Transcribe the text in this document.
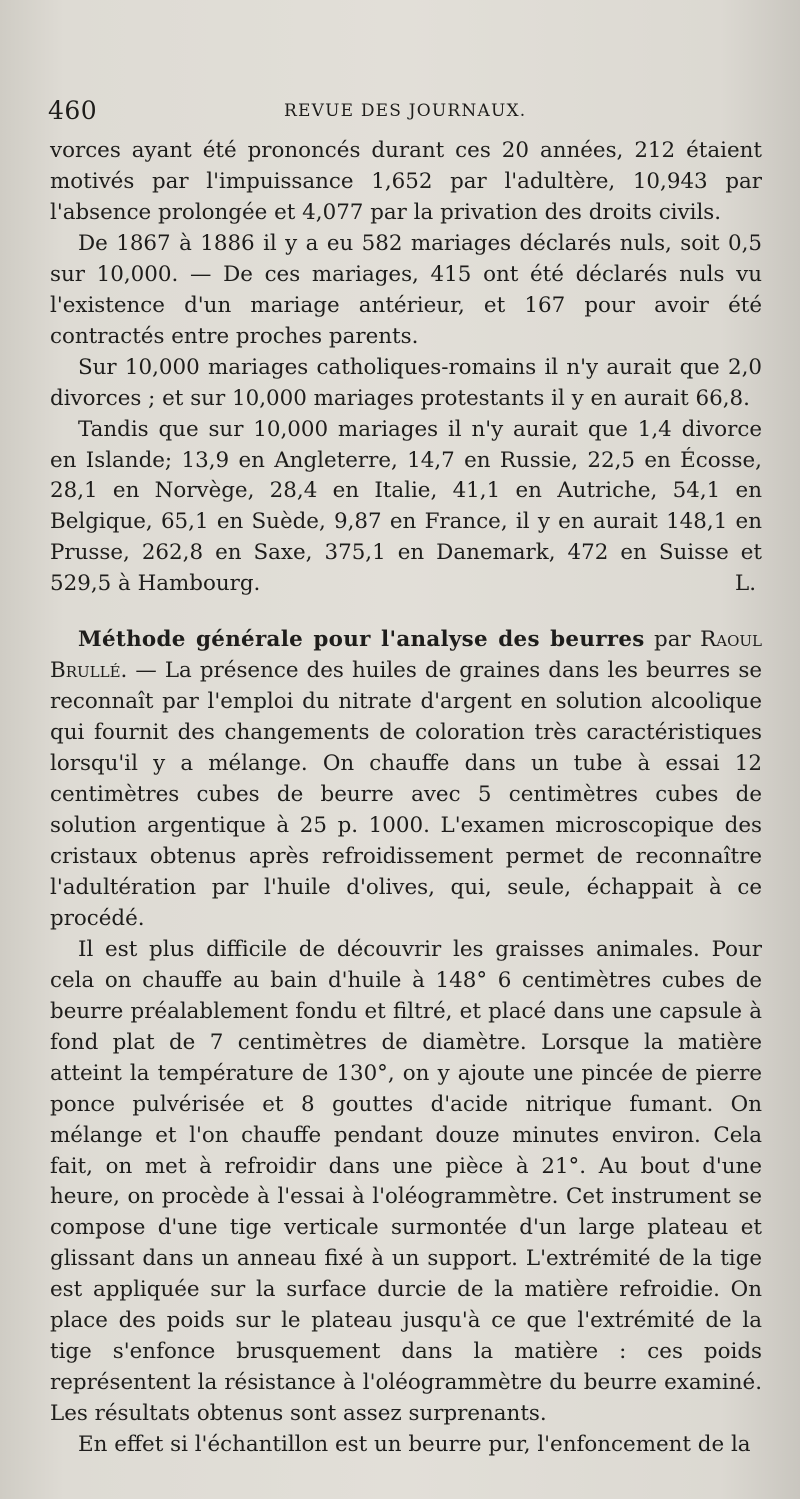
460	REVUE DES JOURNAUX.

vorces ayant été prononcés durant ces 20 années, 212 étaient motivés par l'impuissance 1,652 par l'adultère, 10,943 par l'absence prolongée et 4,077 par la privation des droits civils.

De 1867 à 1886 il y a eu 582 mariages déclarés nuls, soit 0,5 sur 10,000. — De ces mariages, 415 ont été déclarés nuls vu l'existence d'un mariage antérieur, et 167 pour avoir été contractés entre proches parents.

Sur 10,000 mariages catholiques-romains il n'y aurait que 2,0 divorces ; et sur 10,000 mariages protestants il y en aurait 66,8.

Tandis que sur 10,000 mariages il n'y aurait que 1,4 divorce en Islande; 13,9 en Angleterre, 14,7 en Russie, 22,5 en Écosse, 28,1 en Norvège, 28,4 en Italie, 41,1 en Autriche, 54,1 en Belgique, 65,1 en Suède, 9,87 en France, il y en aurait 148,1 en Prusse, 262,8 en Saxe, 375,1 en Danemark, 472 en Suisse et 529,5 à Hambourg.	L.

Méthode générale pour l'analyse des beurres par Raoul Brullé. — La présence des huiles de graines dans les beurres se reconnaît par l'emploi du nitrate d'argent en solution alcoolique qui fournit des changements de coloration très caractéristiques lorsqu'il y a mélange. On chauffe dans un tube à essai 12 centimètres cubes de beurre avec 5 centimètres cubes de solution argentique à 25 p. 1000. L'examen microscopique des cristaux obtenus après refroidissement permet de reconnaître l'adultération par l'huile d'olives, qui, seule, échappait à ce procédé.

Il est plus difficile de découvrir les graisses animales. Pour cela on chauffe au bain d'huile à 148° 6 centimètres cubes de beurre préalablement fondu et filtré, et placé dans une capsule à fond plat de 7 centimètres de diamètre. Lorsque la matière atteint la température de 130°, on y ajoute une pincée de pierre ponce pulvérisée et 8 gouttes d'acide nitrique fumant. On mélange et l'on chauffe pendant douze minutes environ. Cela fait, on met à refroidir dans une pièce à 21°. Au bout d'une heure, on procède à l'essai à l'oléogrammètre. Cet instrument se compose d'une tige verticale surmontée d'un large plateau et glissant dans un anneau fixé à un support. L'extrémité de la tige est appliquée sur la surface durcie de la matière refroidie. On place des poids sur le plateau jusqu'à ce que l'extrémité de la tige s'enfonce brusquement dans la matière : ces poids représentent la résistance à l'oléogrammètre du beurre examiné. Les résultats obtenus sont assez surprenants.

En effet si l'échantillon est un beurre pur, l'enfoncement de la
